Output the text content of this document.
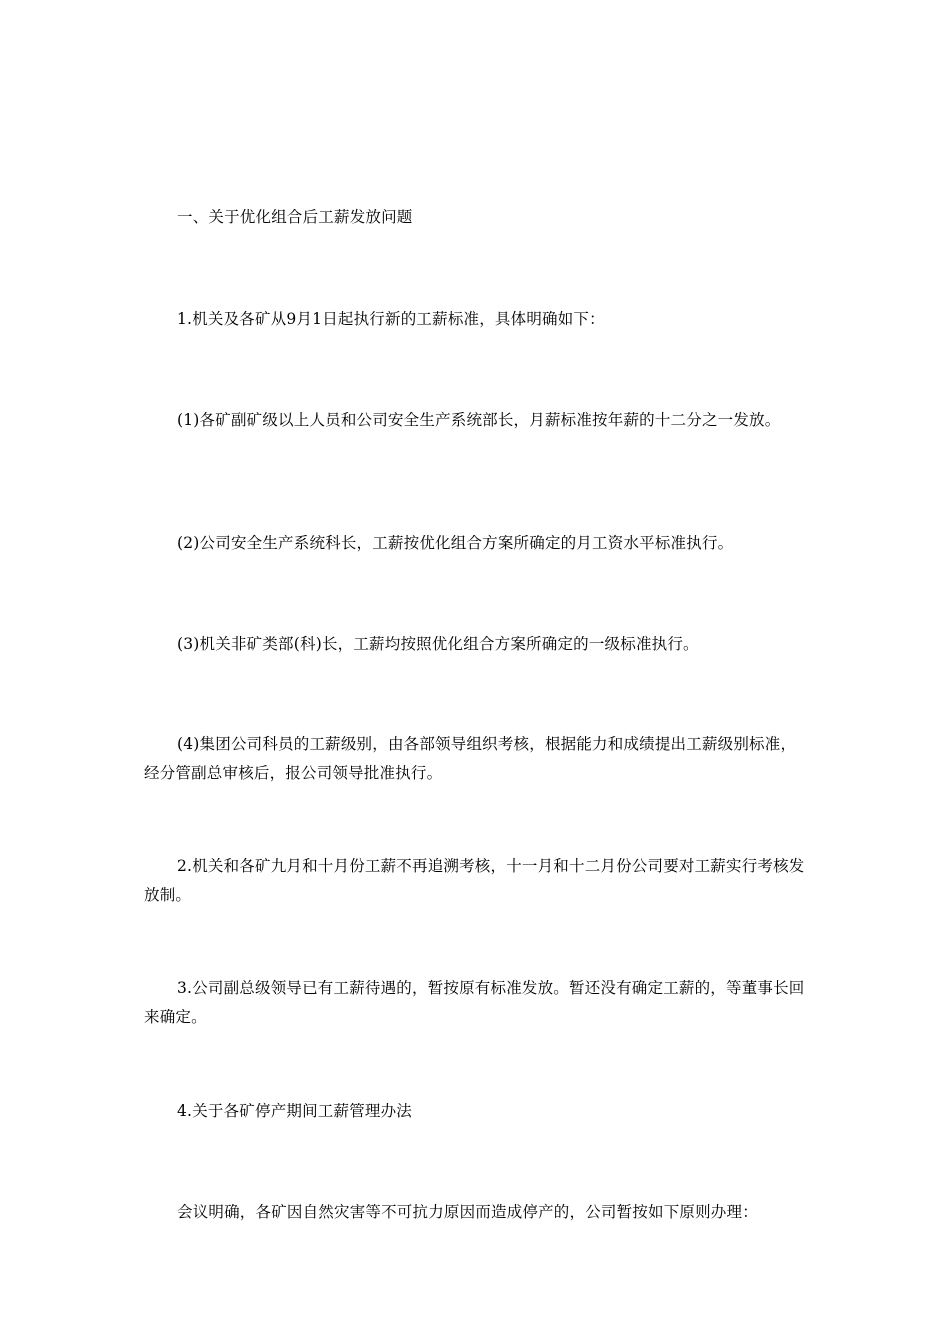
一、关于优化组合后工薪发放问题

1.机关及各矿从9月1日起执行新的工薪标准，具体明确如下：

(1)各矿副矿级以上人员和公司安全生产系统部长，月薪标准按年薪的十二分之一发放。

(2)公司安全生产系统科长，工薪按优化组合方案所确定的月工资水平标准执行。

(3)机关非矿类部(科)长，工薪均按照优化组合方案所确定的一级标准执行。

(4)集团公司科员的工薪级别，由各部领导组织考核，根据能力和成绩提出工薪级别标准，经分管副总审核后，报公司领导批准执行。

2.机关和各矿九月和十月份工薪不再追溯考核，十一月和十二月份公司要对工薪实行考核发放制。

3.公司副总级领导已有工薪待遇的，暂按原有标准发放。暂还没有确定工薪的，等董事长回来确定。

4.关于各矿停产期间工薪管理办法

会议明确，各矿因自然灾害等不可抗力原因而造成停产的，公司暂按如下原则办理：
